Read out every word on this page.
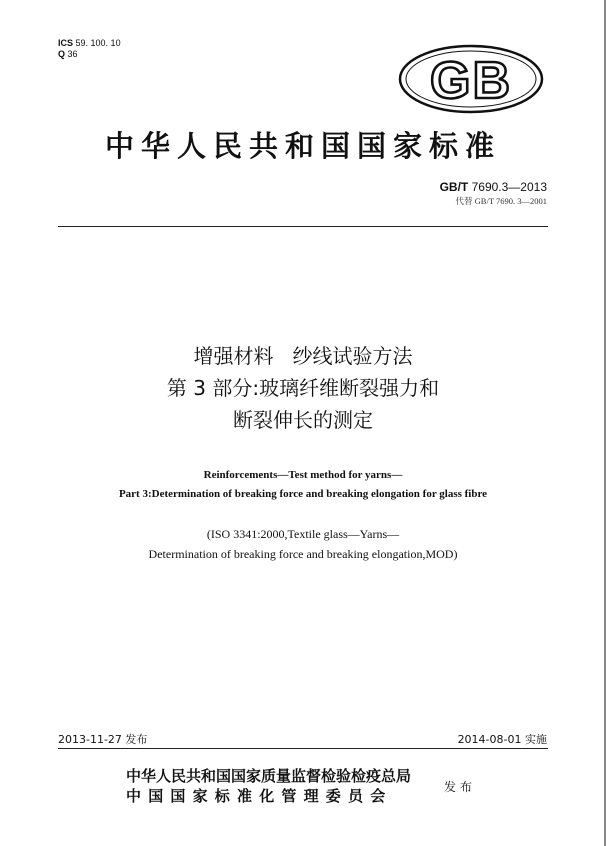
ICS 59. 100. 10
Q 36	GB
中华人民共和国国家标准
GB/T 7690.3—2013
代替 GB/T 7690. 3—2001
增强材料   纱线试验方法
第 3 部分:玻璃纤维断裂强力和
断裂伸长的测定
Reinforcements—Test method for yarns—
Part 3:Determination of breaking force and breaking elongation for glass fibre
(ISO 3341:2000,Textile glass—Yarns—
Determination of breaking force and breaking elongation,MOD)
2013-11-27 发布	2014-08-01 实施
中华人民共和国国家质量监督检验检疫总局
中国国家标准化管理委员会	发布
